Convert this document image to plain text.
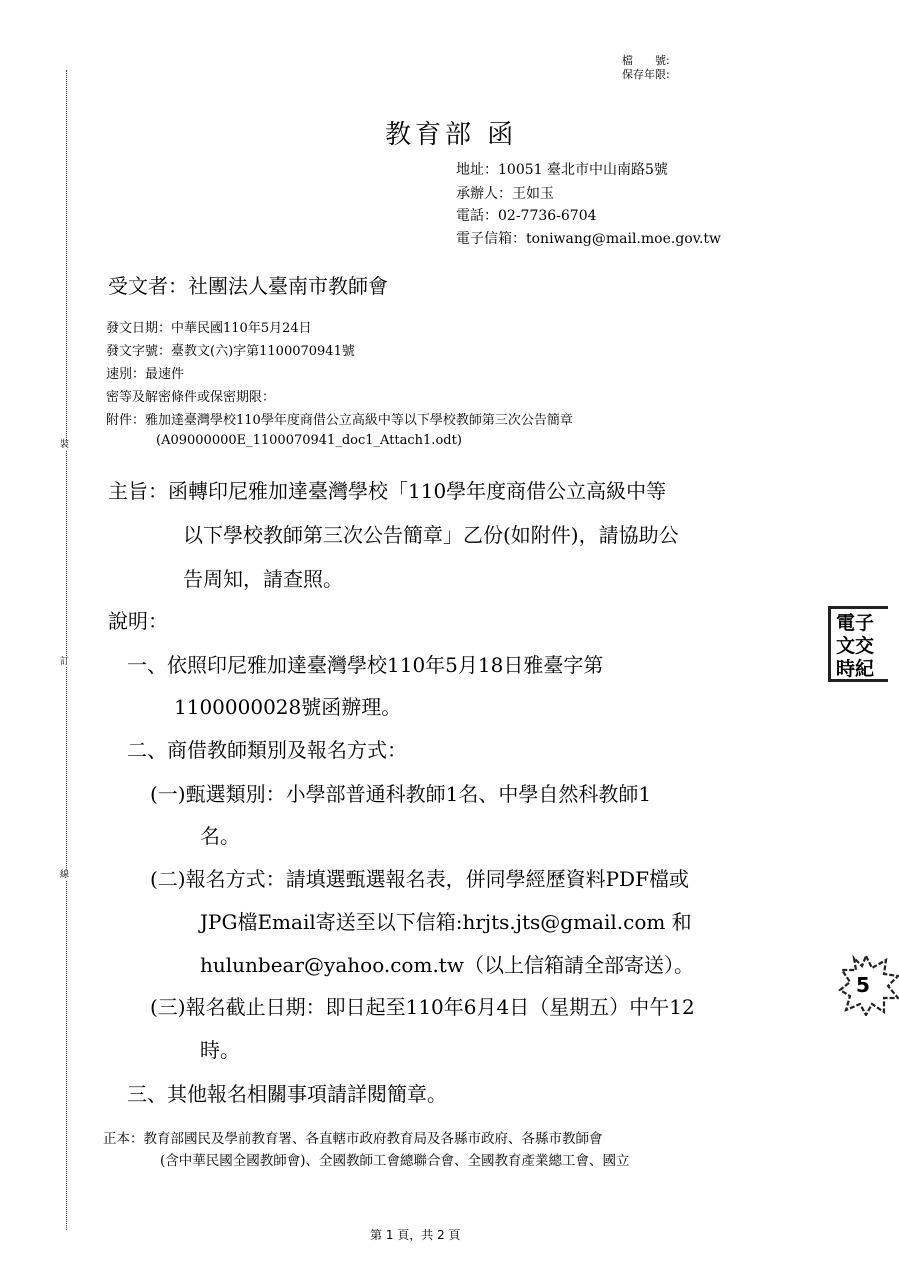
裝
訂
線
檔　　號:
保存年限:
教育部 函
地址：10051 臺北市中山南路5號
承辦人：王如玉
電話：02-7736-6704
電子信箱：toniwang@mail.moe.gov.tw
受文者：社團法人臺南市教師會
發文日期：中華民國110年5月24日
發文字號：臺教文(六)字第1100070941號
速別：最速件
密等及解密條件或保密期限：
附件：雅加達臺灣學校110學年度商借公立高級中等以下學校教師第三次公告簡章
(A09000000E_1100070941_doc1_Attach1.odt)
主旨：函轉印尼雅加達臺灣學校「110學年度商借公立高級中等
以下學校教師第三次公告簡章」乙份(如附件)，請協助公
告周知，請查照。
說明：
一、依照印尼雅加達臺灣學校110年5月18日雅臺字第
1100000028號函辦理。
二、商借教師類別及報名方式：
(一)甄選類別：小學部普通科教師1名、中學自然科教師1
名。
(二)報名方式：請填選甄選報名表，併同學經歷資料PDF檔或
JPG檔Email寄送至以下信箱:hrjts.jts@gmail.com 和
hulunbear@yahoo.com.tw（以上信箱請全部寄送）。
(三)報名截止日期：即日起至110年6月4日（星期五）中午12
時。
三、其他報名相關事項請詳閱簡章。
正本：教育部國民及學前教育署、各直轄市政府教育局及各縣市政府、各縣市教師會
(含中華民國全國教師會)、全國教師工會總聯合會、全國教育產業總工會、國立
第 1 頁，共 2 頁
電子
文交
時紀
5
